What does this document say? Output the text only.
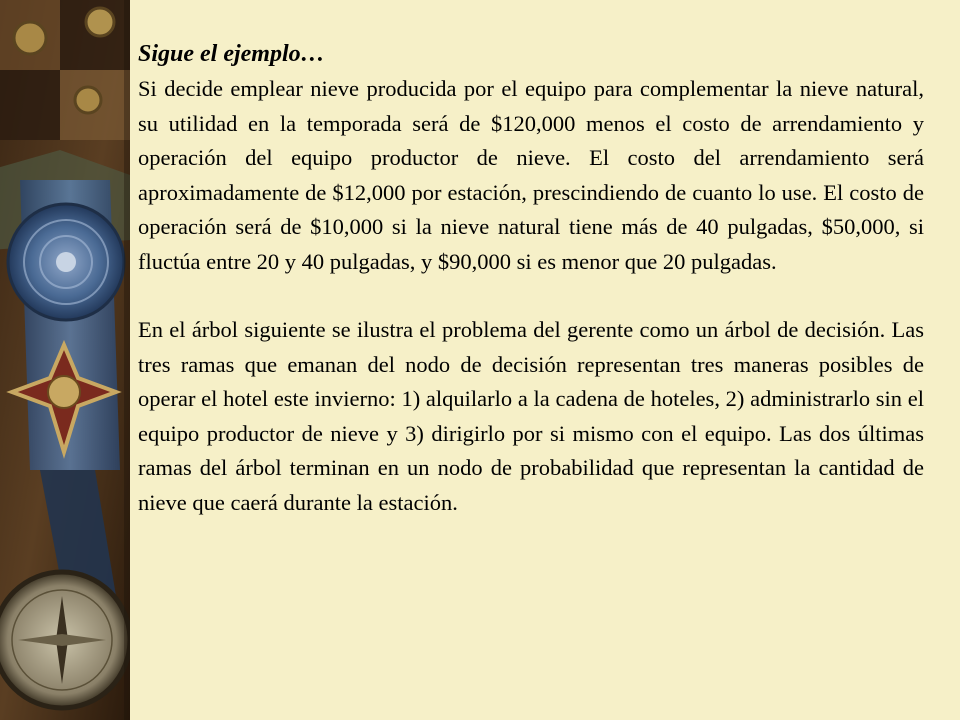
Sigue el ejemplo…

Si decide emplear nieve producida por el equipo para complementar la nieve natural, su utilidad en la temporada será de $120,000 menos el costo de arrendamiento y operación del equipo productor de nieve. El costo del arrendamiento será aproximadamente de $12,000 por estación, prescindiendo de cuanto lo use. El costo de operación será de $10,000 si la nieve natural tiene más de 40 pulgadas, $50,000, si fluctúa entre 20 y 40 pulgadas, y $90,000 si es menor que 20 pulgadas.

En el árbol siguiente se ilustra el problema del gerente como un árbol de decisión. Las tres ramas que emanan del nodo de decisión representan tres maneras posibles de operar el hotel este invierno: 1) alquilarlo a la cadena de hoteles, 2) administrarlo sin el equipo productor de nieve y 3) dirigirlo por si mismo con el equipo. Las dos últimas ramas del árbol terminan en un nodo de probabilidad que representan la cantidad de nieve que caerá durante la estación.
